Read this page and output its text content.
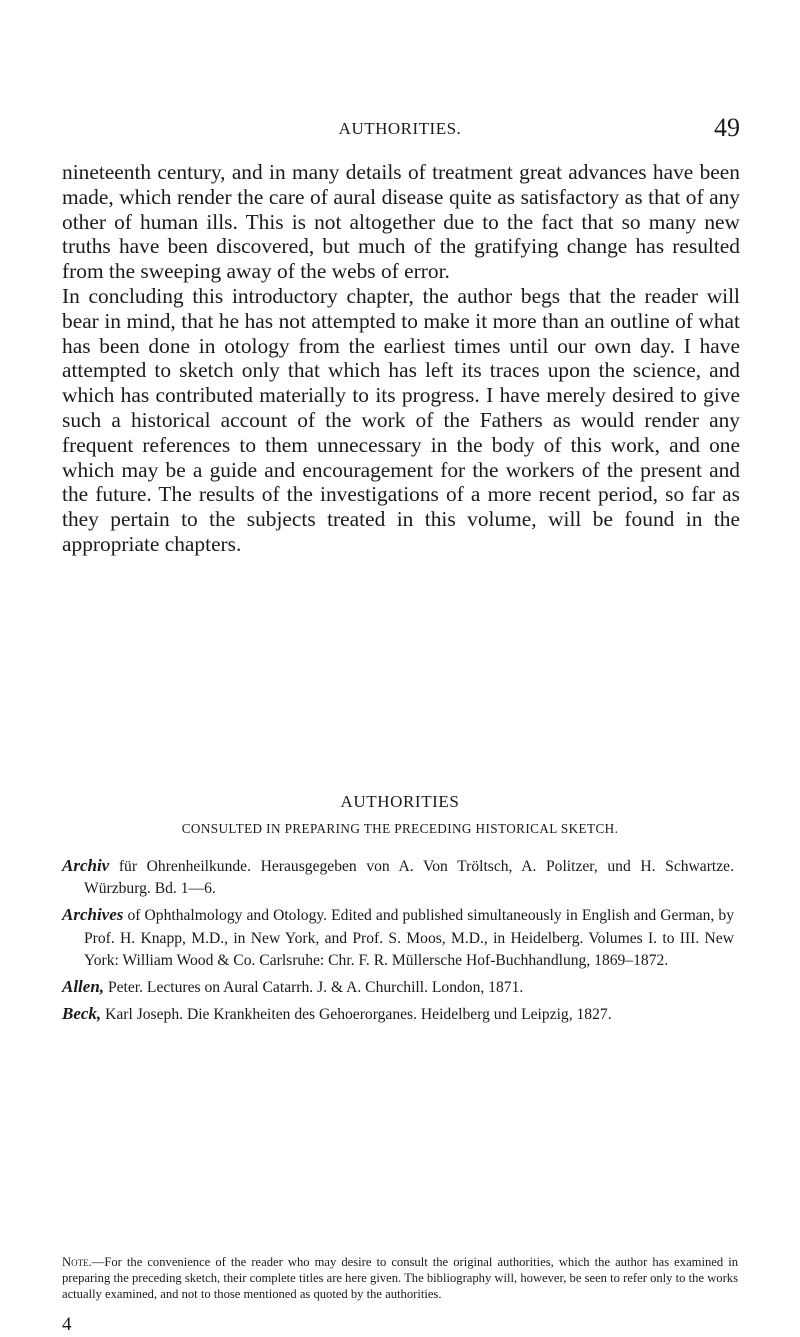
AUTHORITIES.	49

nineteenth century, and in many details of treatment great advances have been made, which render the care of aural disease quite as satisfactory as that of any other of human ills. This is not altogether due to the fact that so many new truths have been discovered, but much of the gratifying change has resulted from the sweeping away of the webs of error.

In concluding this introductory chapter, the author begs that the reader will bear in mind, that he has not attempted to make it more than an outline of what has been done in otology from the earliest times until our own day. I have attempted to sketch only that which has left its traces upon the science, and which has contributed materially to its progress. I have merely desired to give such a historical account of the work of the Fathers as would render any frequent references to them unnecessary in the body of this work, and one which may be a guide and encouragement for the workers of the present and the future. The results of the investigations of a more recent period, so far as they pertain to the subjects treated in this volume, will be found in the appropriate chapters.

AUTHORITIES
CONSULTED IN PREPARING THE PRECEDING HISTORICAL SKETCH.
Archiv für Ohrenheilkunde. Herausgegeben von A. Von Tröltsch, A. Politzer, und H. Schwartze. Würzburg. Bd. 1—6.
Archives of Ophthalmology and Otology. Edited and published simultaneously in English and German, by Prof. H. Knapp, M.D., in New York, and Prof. S. Moos, M.D., in Heidelberg. Volumes I. to III. New York: William Wood & Co. Carlsruhe: Chr. F. R. Müllersche Hof-Buchhandlung, 1869–1872.
Allen, Peter. Lectures on Aural Catarrh. J. & A. Churchill. London, 1871.
Beck, Karl Joseph. Die Krankheiten des Gehoerorganes. Heidelberg und Leipzig, 1827.

Note.—For the convenience of the reader who may desire to consult the original authorities, which the author has examined in preparing the preceding sketch, their complete titles are here given. The bibliography will, however, be seen to refer only to the works actually examined, and not to those mentioned as quoted by the authorities.

4
